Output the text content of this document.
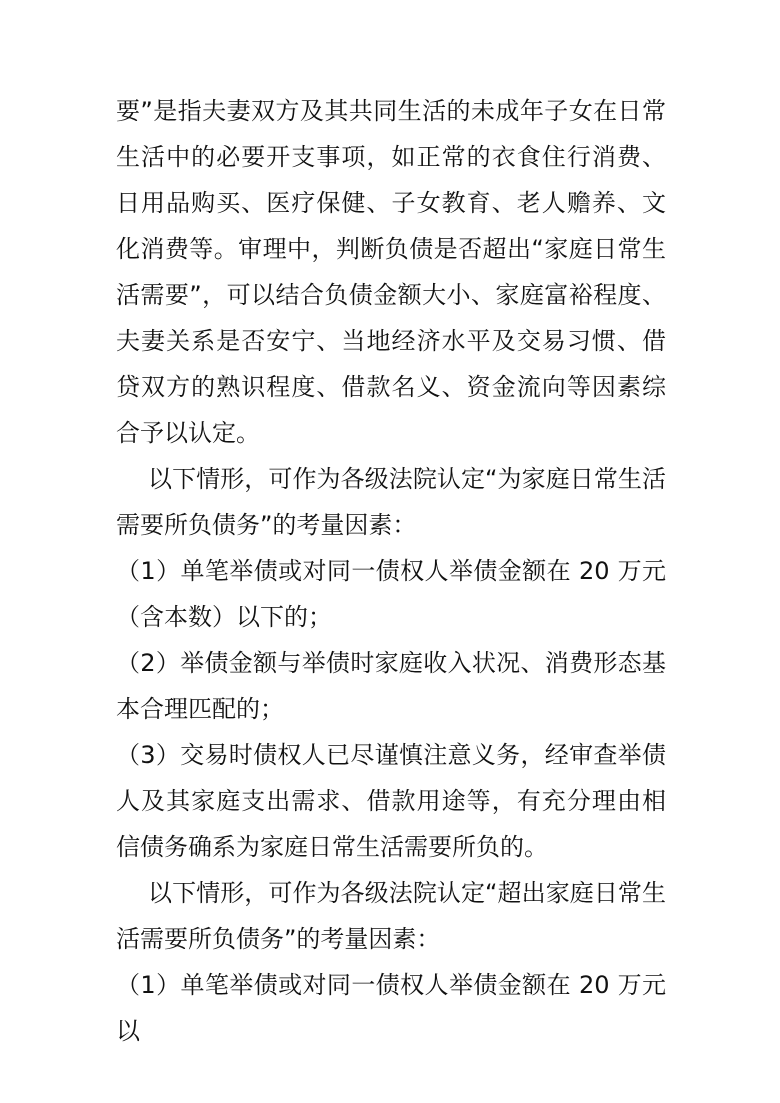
要”是指夫妻双方及其共同生活的未成年子女在日常生活中的必要开支事项，如正常的衣食住行消费、日用品购买、医疗保健、子女教育、老人赡养、文化消费等。审理中，判断负债是否超出“家庭日常生活需要”，可以结合负债金额大小、家庭富裕程度、夫妻关系是否安宁、当地经济水平及交易习惯、借贷双方的熟识程度、借款名义、资金流向等因素综合予以认定。

以下情形，可作为各级法院认定“为家庭日常生活需要所负债务”的考量因素：

（1）单笔举债或对同一债权人举债金额在 20 万元（含本数）以下的；

（2）举债金额与举债时家庭收入状况、消费形态基本合理匹配的；

（3）交易时债权人已尽谨慎注意义务，经审查举债人及其家庭支出需求、借款用途等，有充分理由相信债务确系为家庭日常生活需要所负的。

以下情形，可作为各级法院认定“超出家庭日常生活需要所负债务”的考量因素：

（1）单笔举债或对同一债权人举债金额在 20 万元以
